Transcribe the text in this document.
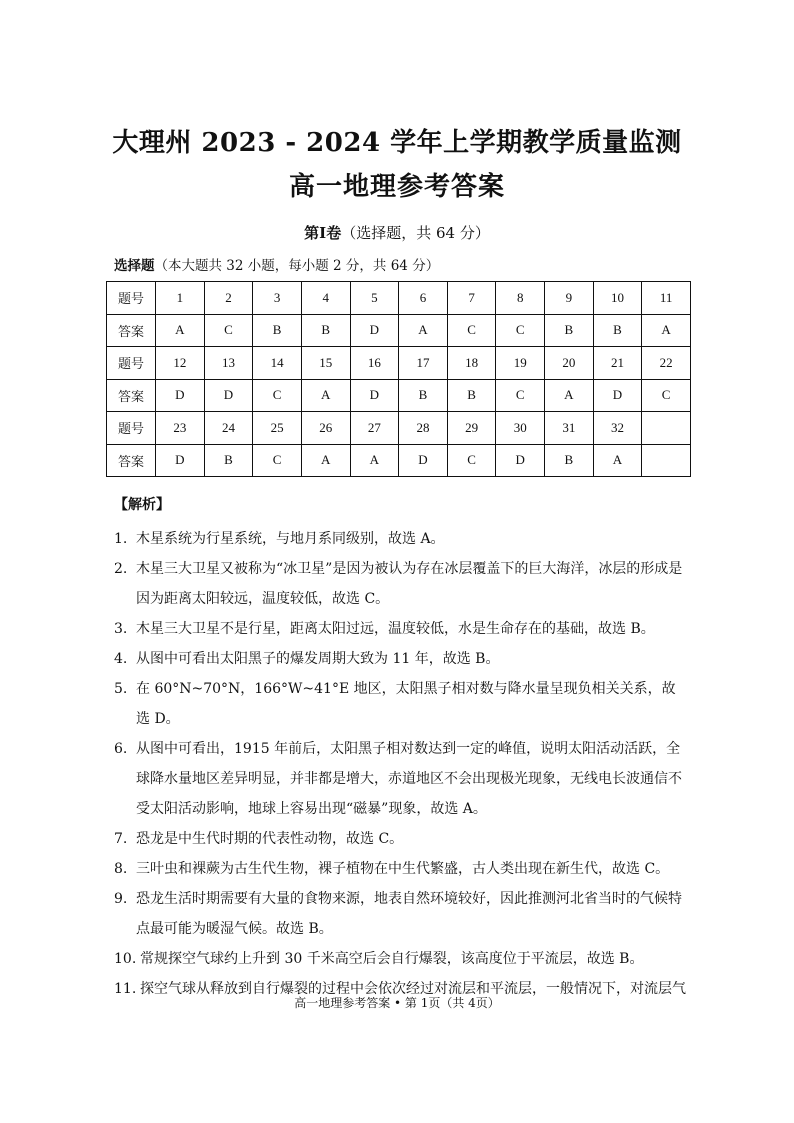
大理州 2023 - 2024 学年上学期教学质量监测
高一地理参考答案
第Ⅰ卷（选择题，共 64 分）
选择题（本大题共 32 小题，每小题 2 分，共 64 分）
题号	1	2	3	4	5	6	7	8	9	10	11
答案	A	C	B	B	D	A	C	C	B	B	A
题号	12	13	14	15	16	17	18	19	20	21	22
答案	D	D	C	A	D	B	B	C	A	D	C
题号	23	24	25	26	27	28	29	30	31	32	
答案	D	B	C	A	A	D	C	D	B	A	
【解析】
1. 木星系统为行星系统，与地月系同级别，故选 A。
2. 木星三大卫星又被称为“冰卫星”是因为被认为存在冰层覆盖下的巨大海洋，冰层的形成是因为距离太阳较远，温度较低，故选 C。
3. 木星三大卫星不是行星，距离太阳过远，温度较低，水是生命存在的基础，故选 B。
4. 从图中可看出太阳黑子的爆发周期大致为 11 年，故选 B。
5. 在 60°N~70°N，166°W~41°E 地区，太阳黑子相对数与降水量呈现负相关关系，故选 D。
6. 从图中可看出，1915 年前后，太阳黑子相对数达到一定的峰值，说明太阳活动活跃，全球降水量地区差异明显，并非都是增大，赤道地区不会出现极光现象，无线电长波通信不受太阳活动影响，地球上容易出现“磁暴”现象，故选 A。
7. 恐龙是中生代时期的代表性动物，故选 C。
8. 三叶虫和裸蕨为古生代生物，裸子植物在中生代繁盛，古人类出现在新生代，故选 C。
9. 恐龙生活时期需要有大量的食物来源，地表自然环境较好，因此推测河北省当时的气候特点最可能为暖湿气候。故选 B。
10. 常规探空气球约上升到 30 千米高空后会自行爆裂，该高度位于平流层，故选 B。
11. 探空气球从释放到自行爆裂的过程中会依次经过对流层和平流层，一般情况下，对流层气
高一地理参考答案 • 第 1页（共 4页）
